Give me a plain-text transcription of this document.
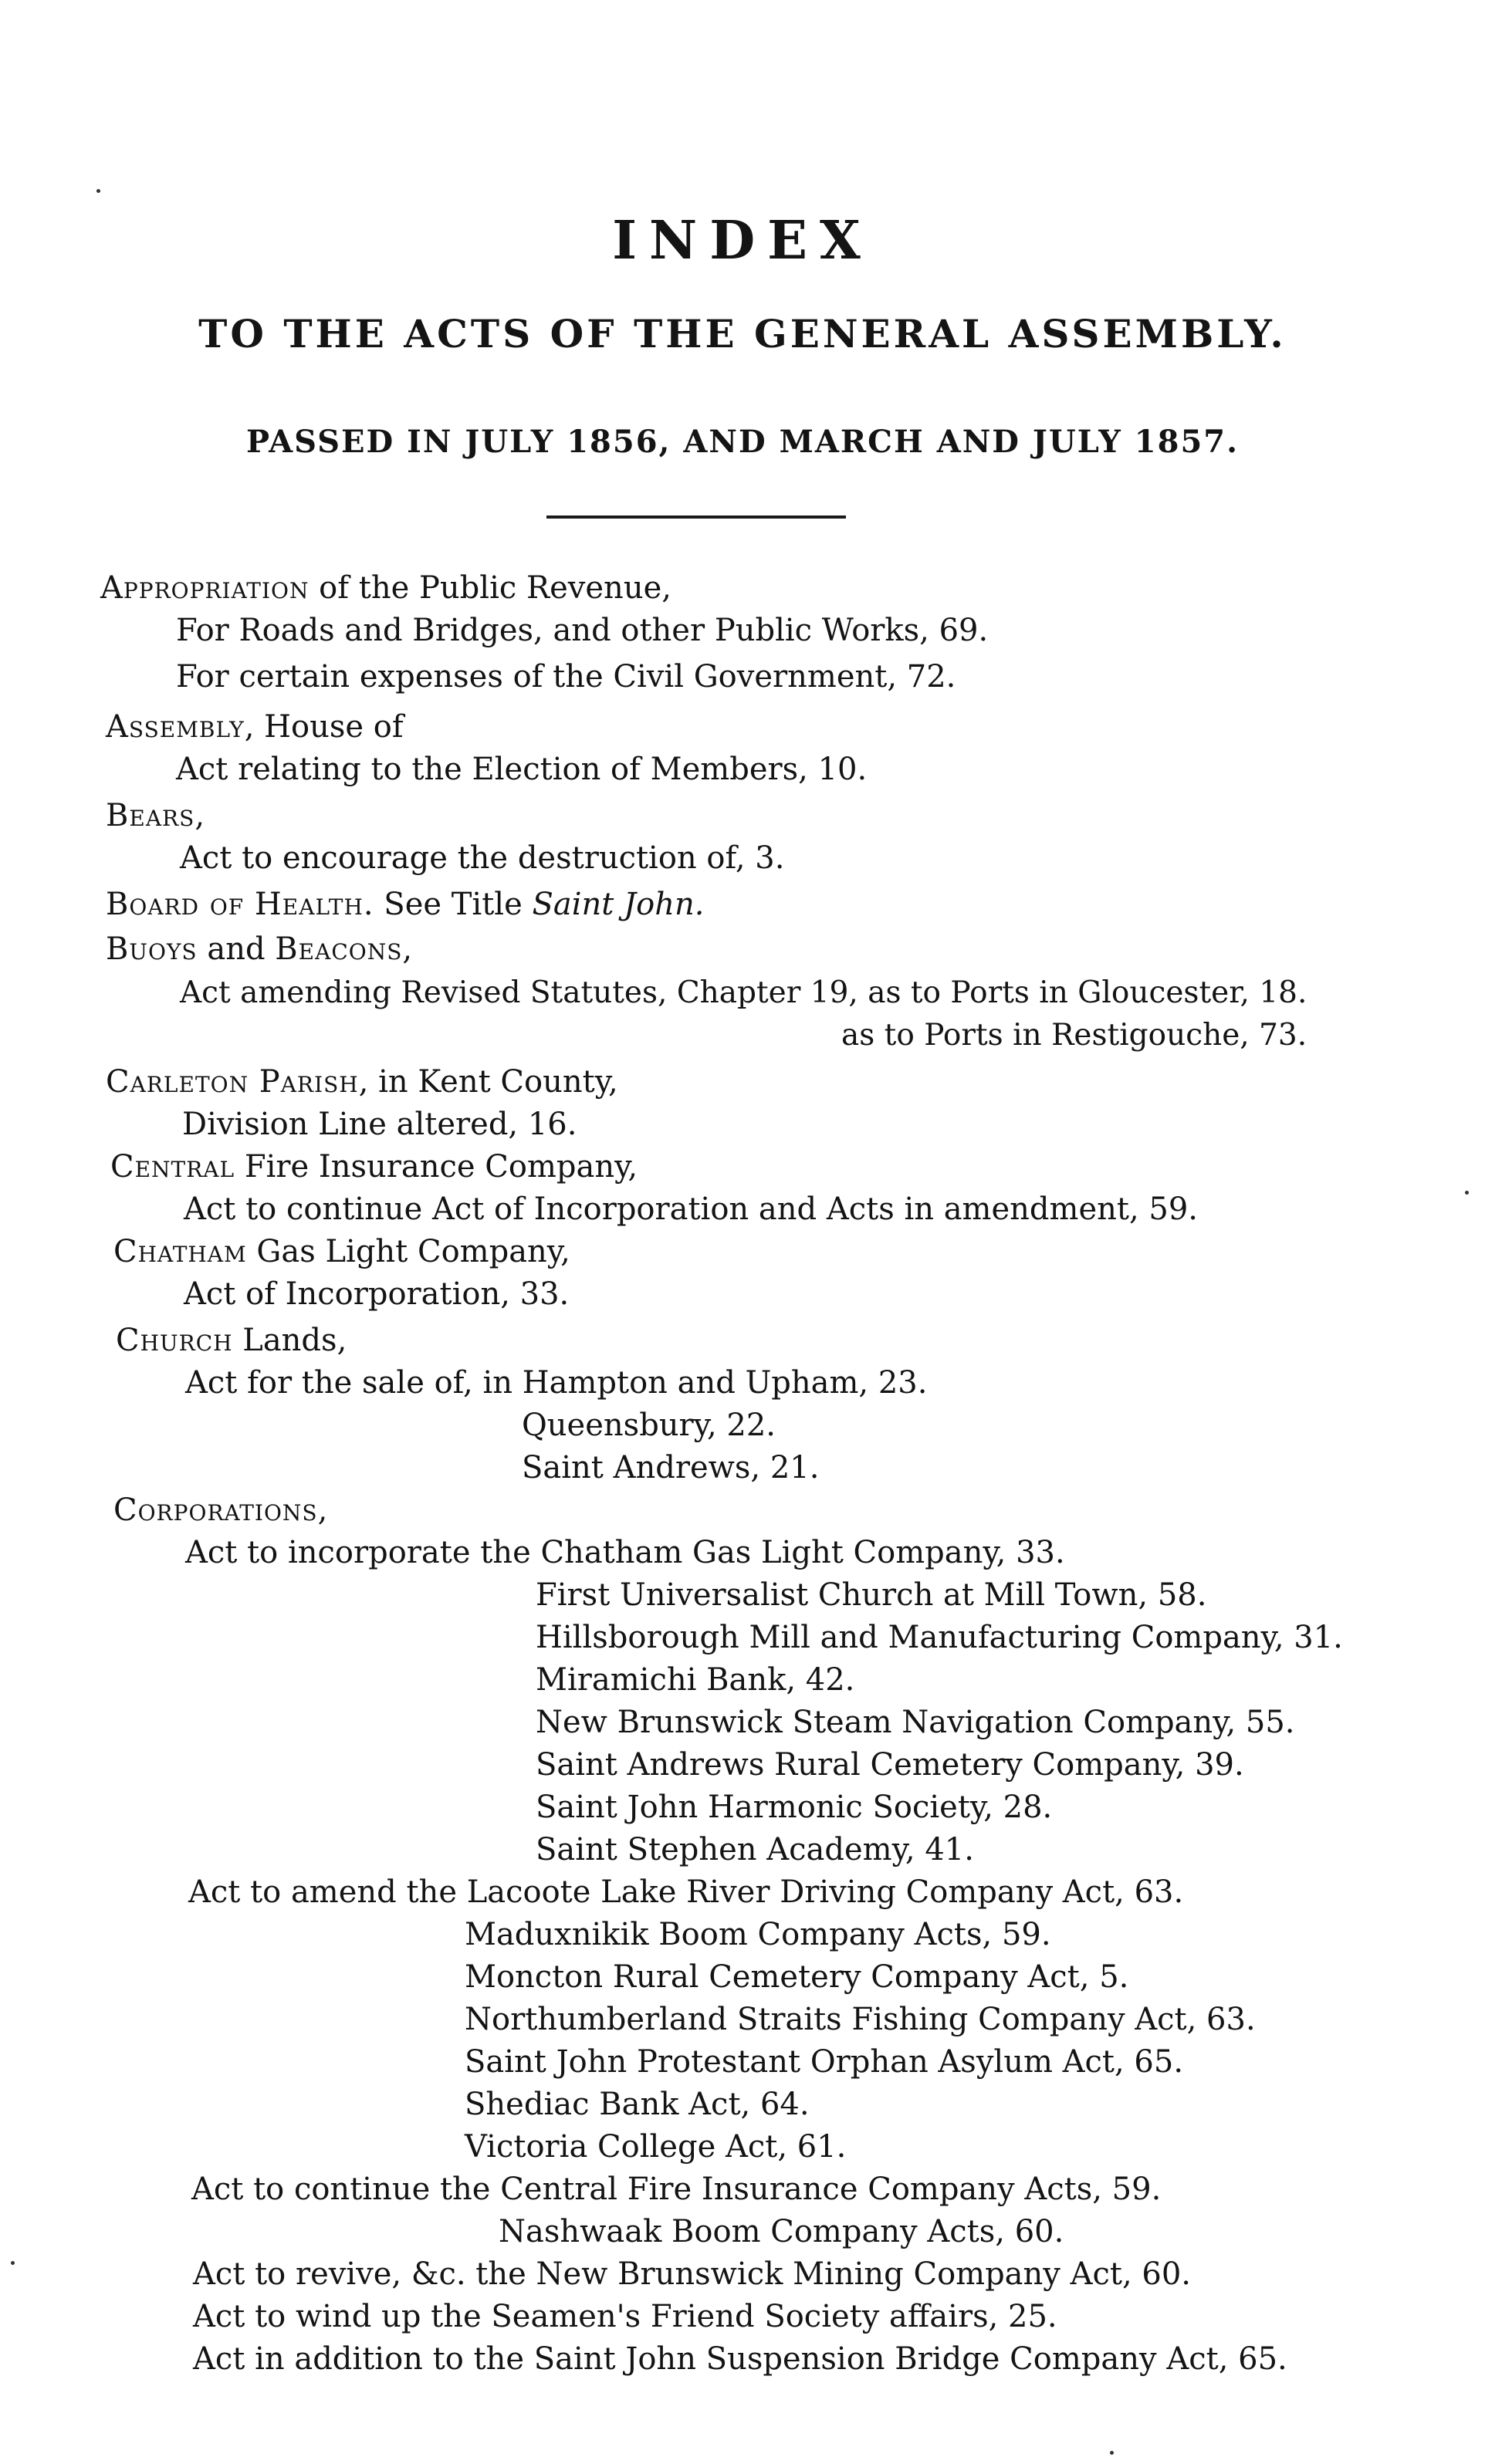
INDEX
TO THE ACTS OF THE GENERAL ASSEMBLY.
PASSED IN JULY 1856, AND MARCH AND JULY 1857.
Appropriation of the Public Revenue,
For Roads and Bridges, and other Public Works, 69.
For certain expenses of the Civil Government, 72.
Assembly, House of
Act relating to the Election of Members, 10.
Bears,
Act to encourage the destruction of, 3.
Board of Health. See Title Saint John.
Buoys and Beacons,
Act amending Revised Statutes, Chapter 19, as to Ports in Gloucester, 18.
as to Ports in Restigouche, 73.
Carleton Parish, in Kent County,
Division Line altered, 16.
Central Fire Insurance Company,
Act to continue Act of Incorporation and Acts in amendment, 59.
Chatham Gas Light Company,
Act of Incorporation, 33.
Church Lands,
Act for the sale of, in Hampton and Upham, 23.
Queensbury, 22.
Saint Andrews, 21.
Corporations,
Act to incorporate the Chatham Gas Light Company, 33.
First Universalist Church at Mill Town, 58.
Hillsborough Mill and Manufacturing Company, 31.
Miramichi Bank, 42.
New Brunswick Steam Navigation Company, 55.
Saint Andrews Rural Cemetery Company, 39.
Saint John Harmonic Society, 28.
Saint Stephen Academy, 41.
Act to amend the Lacoote Lake River Driving Company Act, 63.
Maduxnikik Boom Company Acts, 59.
Moncton Rural Cemetery Company Act, 5.
Northumberland Straits Fishing Company Act, 63.
Saint John Protestant Orphan Asylum Act, 65.
Shediac Bank Act, 64.
Victoria College Act, 61.
Act to continue the Central Fire Insurance Company Acts, 59.
Nashwaak Boom Company Acts, 60.
Act to revive, &c. the New Brunswick Mining Company Act, 60.
Act to wind up the Seamen's Friend Society affairs, 25.
Act in addition to the Saint John Suspension Bridge Company Act, 65.
